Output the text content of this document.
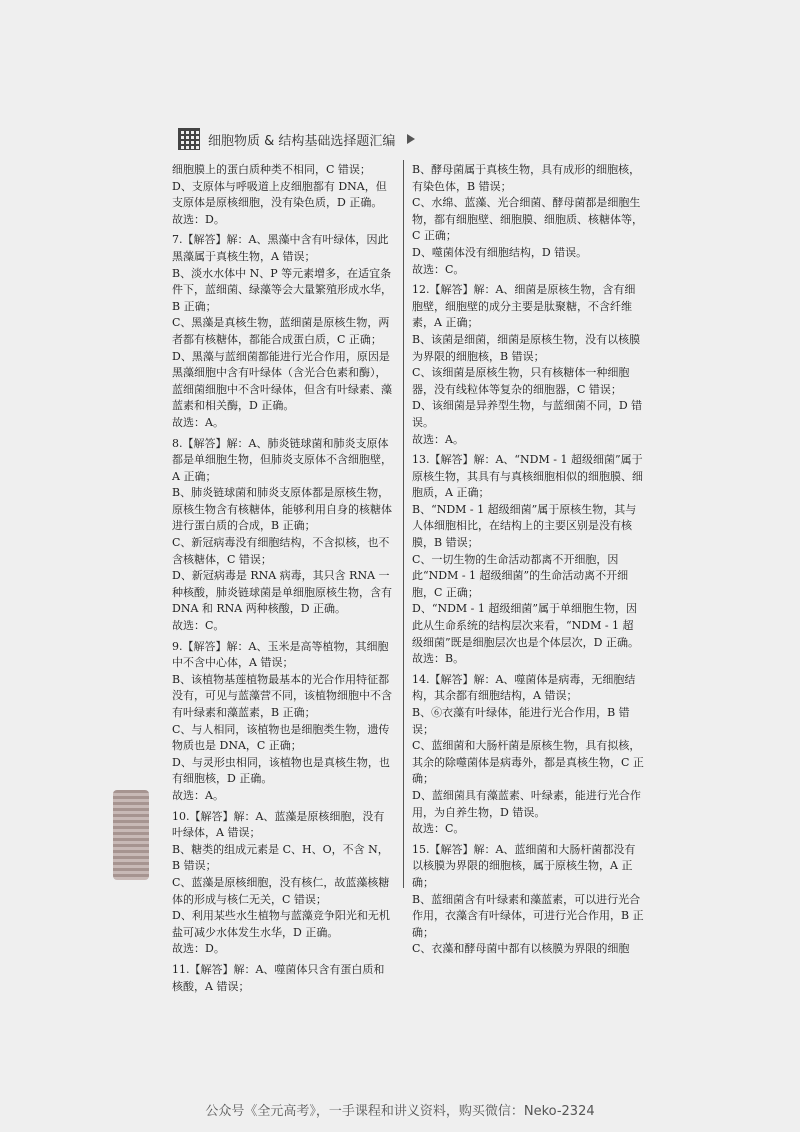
细胞物质 & 结构基础选择题汇编

细胞膜上的蛋白质种类不相同，C 错误；

D、支原体与呼吸道上皮细胞都有 DNA，但支原体是原核细胞，没有染色质，D 正确。

故选：D。

7.【解答】解：A、黑藻中含有叶绿体，因此黑藻属于真核生物，A 错误；

B、淡水水体中 N、P 等元素增多，在适宜条件下，蓝细菌、绿藻等会大量繁殖形成水华，B 正确；

C、黑藻是真核生物，蓝细菌是原核生物，两者都有核糖体，都能合成蛋白质，C 正确；

D、黑藻与蓝细菌都能进行光合作用，原因是黑藻细胞中含有叶绿体（含光合色素和酶），蓝细菌细胞中不含叶绿体，但含有叶绿素、藻蓝素和相关酶，D 正确。

故选：A。

8.【解答】解：A、肺炎链球菌和肺炎支原体都是单细胞生物，但肺炎支原体不含细胞壁，A 正确；

B、肺炎链球菌和肺炎支原体都是原核生物，原核生物含有核糖体，能够利用自身的核糖体进行蛋白质的合成，B 正确；

C、新冠病毒没有细胞结构，不含拟核，也不含核糖体，C 错误；

D、新冠病毒是 RNA 病毒，其只含 RNA 一种核酸，肺炎链球菌是单细胞原核生物，含有 DNA 和 RNA 两种核酸，D 正确。

故选：C。

9.【解答】解：A、玉米是高等植物，其细胞中不含中心体，A 错误；

B、该植物基莲植物最基本的光合作用特征都没有，可见与蓝藻营不同，该植物细胞中不含有叶绿素和藻蓝素，B 正确；

C、与人相同，该植物也是细胞类生物，遗传物质也是 DNA，C 正确；

D、与灵形虫相同，该植物也是真核生物，也有细胞核，D 正确。

故选：A。

10.【解答】解：A、蓝藻是原核细胞，没有叶绿体，A 错误；

B、糖类的组成元素是 C、H、O，不含 N，B 错误；

C、蓝藻是原核细胞，没有核仁，故蓝藻核糖体的形成与核仁无关，C 错误；

D、利用某些水生植物与蓝藻竞争阳光和无机盐可减少水体发生水华，D 正确。

故选：D。

11.【解答】解：A、噬菌体只含有蛋白质和核酸，A 错误；

B、酵母菌属于真核生物，具有成形的细胞核，有染色体，B 错误；

C、水绵、蓝藻、光合细菌、酵母菌都是细胞生物，都有细胞壁、细胞膜、细胞质、核糖体等，C 正确；

D、噬菌体没有细胞结构，D 错误。

故选：C。

12.【解答】解：A、细菌是原核生物，含有细胞壁，细胞壁的成分主要是肽聚糖，不含纤维素，A 正确；

B、该菌是细菌，细菌是原核生物，没有以核膜为界限的细胞核，B 错误；

C、该细菌是原核生物，只有核糖体一种细胞器，没有线粒体等复杂的细胞器，C 错误；

D、该细菌是异养型生物，与蓝细菌不同，D 错误。

故选：A。

13.【解答】解：A、“NDM - 1 超级细菌”属于原核生物，其具有与真核细胞相似的细胞膜、细胞质，A 正确；

B、“NDM - 1 超级细菌”属于原核生物，其与人体细胞相比，在结构上的主要区别是没有核膜，B 错误；

C、一切生物的生命活动都离不开细胞，因此“NDM - 1 超级细菌”的生命活动离不开细胞，C 正确；

D、“NDM - 1 超级细菌”属于单细胞生物，因此从生命系统的结构层次来看，“NDM - 1 超级细菌”既是细胞层次也是个体层次，D 正确。

故选：B。

14.【解答】解：A、噬菌体是病毒，无细胞结构，其余都有细胞结构，A 错误；

B、⑥衣藻有叶绿体，能进行光合作用，B 错误；

C、蓝细菌和大肠杆菌是原核生物，具有拟核，其余的除噬菌体是病毒外，都是真核生物，C 正确；

D、蓝细菌具有藻蓝素、叶绿素，能进行光合作用，为自养生物，D 错误。

故选：C。

15.【解答】解：A、蓝细菌和大肠杆菌都没有以核膜为界限的细胞核，属于原核生物，A 正确；

B、蓝细菌含有叶绿素和藻蓝素，可以进行光合作用，衣藻含有叶绿体，可进行光合作用，B 正确；

C、衣藻和酵母菌中都有以核膜为界限的细胞

公众号《全元高考》，一手课程和讲义资料，购买微信：Neko-2324
